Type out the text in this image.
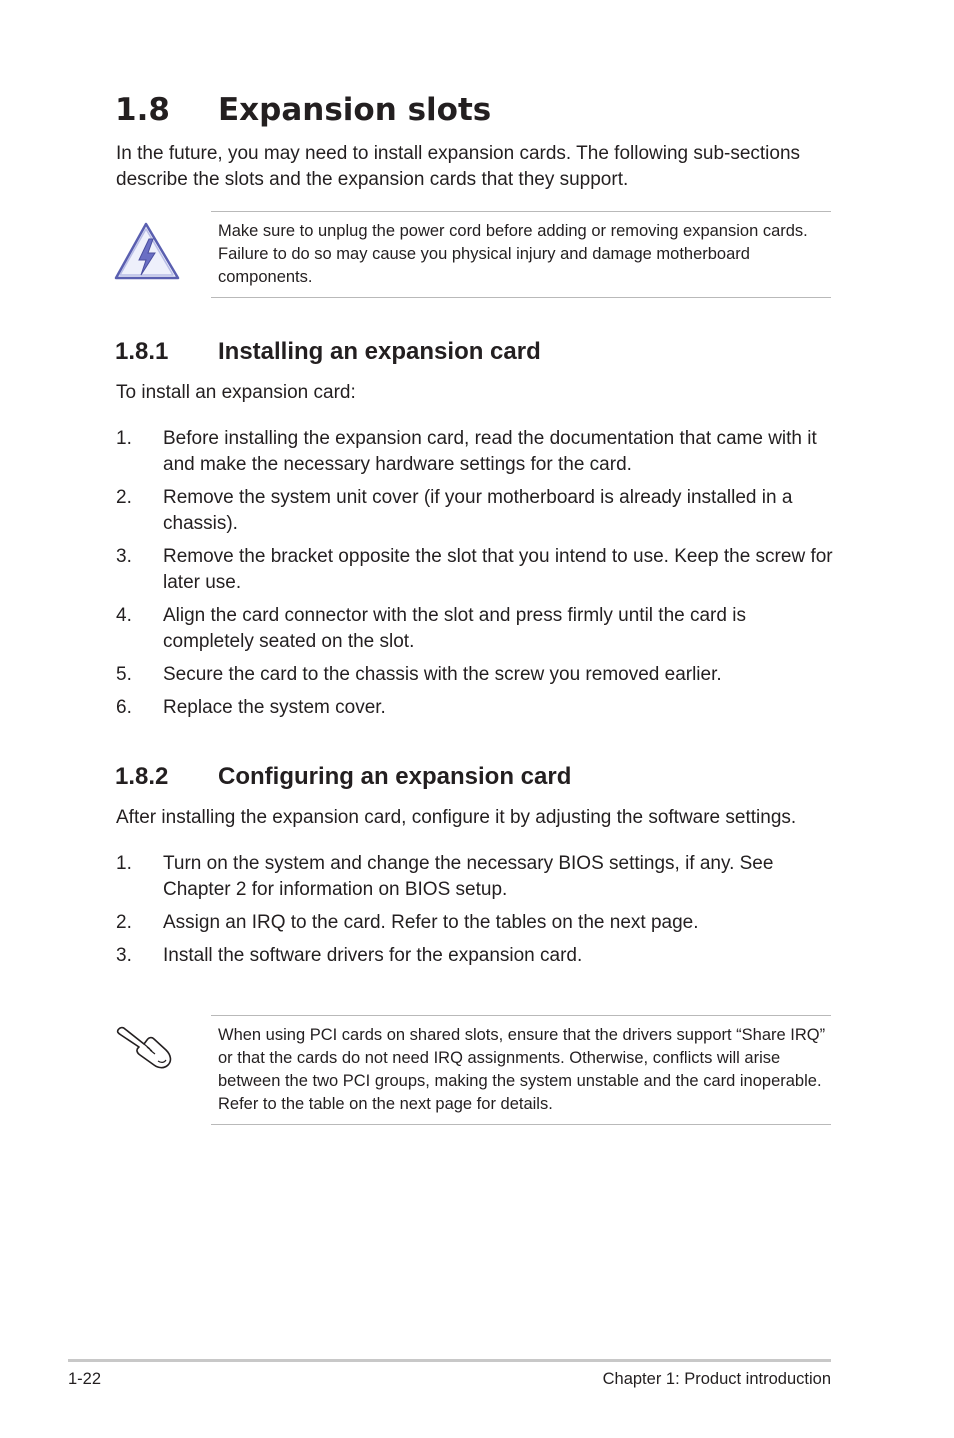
1.8 Expansion slots
In the future, you may need to install expansion cards. The following sub-sections describe the slots and the expansion cards that they support.
Make sure to unplug the power cord before adding or removing expansion cards. Failure to do so may cause you physical injury and damage motherboard components.
1.8.1 Installing an expansion card
To install an expansion card:
1. Before installing the expansion card, read the documentation that came with it and make the necessary hardware settings for the card.
2. Remove the system unit cover (if your motherboard is already installed in a chassis).
3. Remove the bracket opposite the slot that you intend to use. Keep the screw for later use.
4. Align the card connector with the slot and press firmly until the card is completely seated on the slot.
5. Secure the card to the chassis with the screw you removed earlier.
6. Replace the system cover.
1.8.2 Configuring an expansion card
After installing the expansion card, configure it by adjusting the software settings.
1. Turn on the system and change the necessary BIOS settings, if any. See Chapter 2 for information on BIOS setup.
2. Assign an IRQ to the card. Refer to the tables on the next page.
3. Install the software drivers for the expansion card.
When using PCI cards on shared slots, ensure that the drivers support “Share IRQ” or that the cards do not need IRQ assignments. Otherwise, conflicts will arise between the two PCI groups, making the system unstable and the card inoperable. Refer to the table on the next page for details.
1-22	Chapter 1: Product introduction
